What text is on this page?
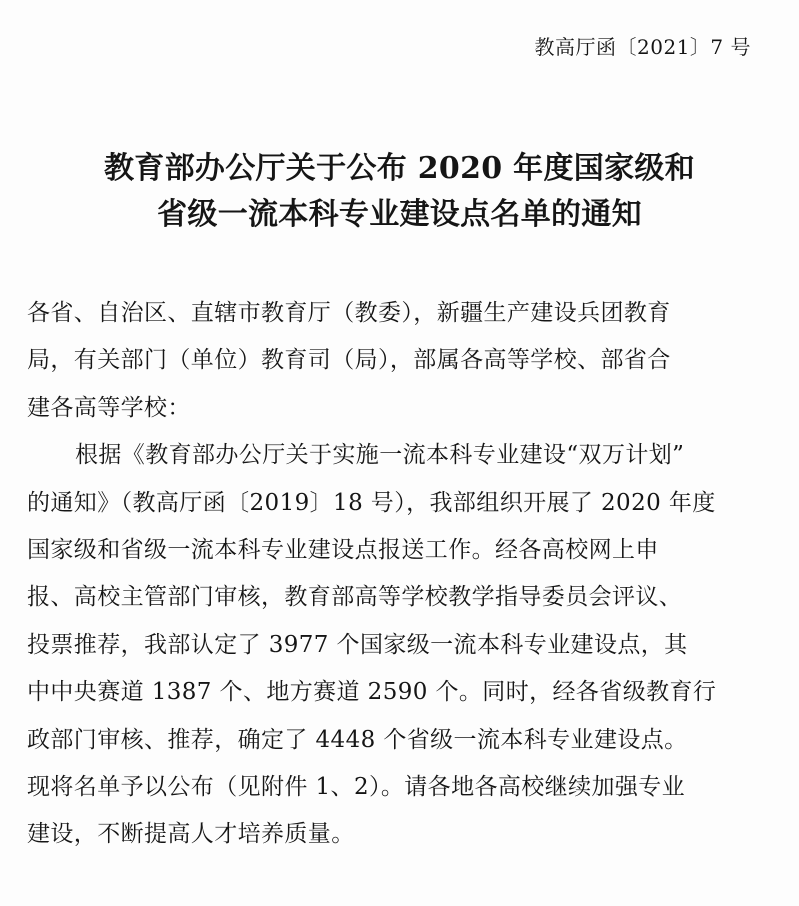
教高厅函〔2021〕7 号
教育部办公厅关于公布 2020 年度国家级和
省级一流本科专业建设点名单的通知
各省、自治区、直辖市教育厅（教委），新疆生产建设兵团教育
局，有关部门（单位）教育司（局），部属各高等学校、部省合
建各高等学校：
根据《教育部办公厅关于实施一流本科专业建设“双万计划”
的通知》（教高厅函〔2019〕18 号），我部组织开展了 2020 年度
国家级和省级一流本科专业建设点报送工作。经各高校网上申
报、高校主管部门审核，教育部高等学校教学指导委员会评议、
投票推荐，我部认定了 3977 个国家级一流本科专业建设点，其
中中央赛道 1387 个、地方赛道 2590 个。同时，经各省级教育行
政部门审核、推荐，确定了 4448 个省级一流本科专业建设点。
现将名单予以公布（见附件 1、2）。请各地各高校继续加强专业
建设，不断提高人才培养质量。
